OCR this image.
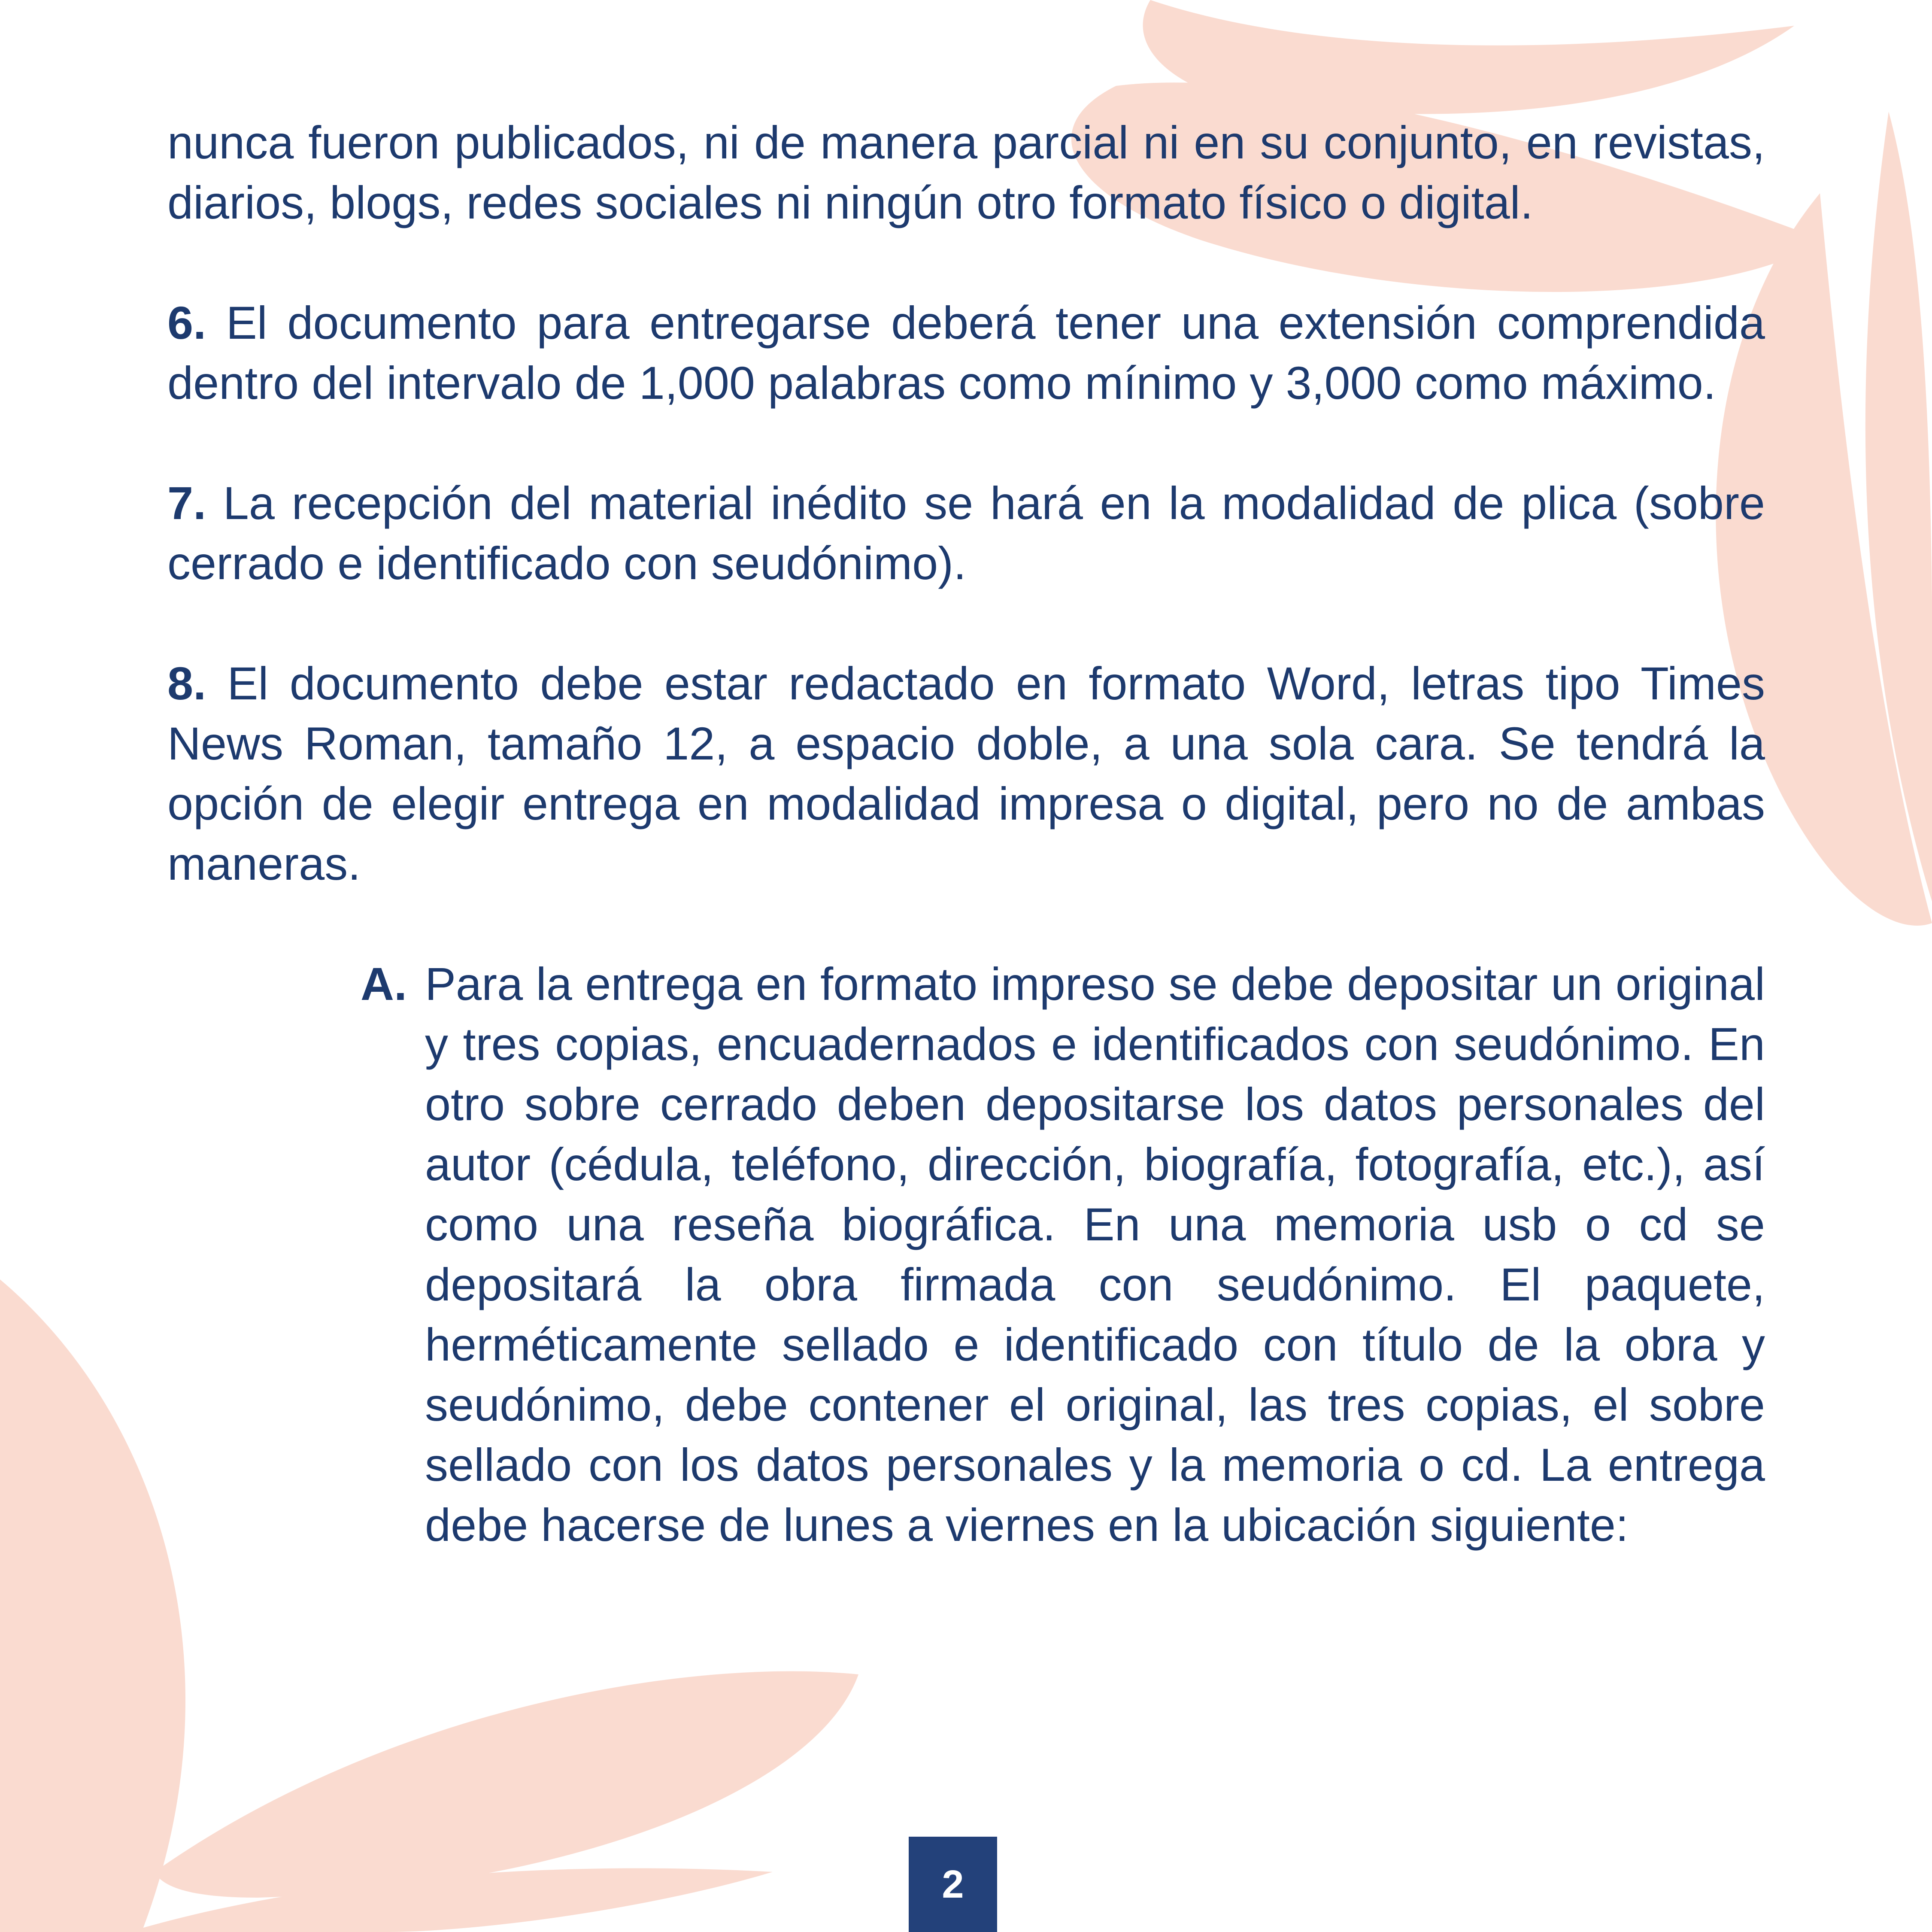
nunca fueron publicados, ni de manera parcial ni en su conjunto, en revistas, diarios, blogs, redes sociales ni ningún otro formato físico o digital.

6. El documento para entregarse deberá tener una extensión comprendida dentro del intervalo de 1,000 palabras como mínimo y 3,000 como máximo.

7. La recepción del material inédito se hará en la modalidad de plica (sobre cerrado e identificado con seudónimo).

8. El documento debe estar redactado en formato Word, letras tipo Times News Roman, tamaño 12, a espacio doble, a una sola cara. Se tendrá la opción de elegir entrega en modalidad impresa o digital, pero no de ambas maneras.

A. Para la entrega en formato impreso se debe depositar un original y tres copias, encuadernados e identificados con seudónimo. En otro sobre cerrado deben depositarse los datos personales del autor (cédula, teléfono, dirección, biografía, fotografía, etc.), así como una reseña biográfica. En una memoria usb o cd se depositará la obra firmada con seudónimo. El paquete, herméticamente sellado e identificado con título de la obra y seudónimo, debe contener el original, las tres copias, el sobre sellado con los datos personales y la memoria o cd. La entrega debe hacerse de lunes a viernes en la ubicación siguiente:

2
